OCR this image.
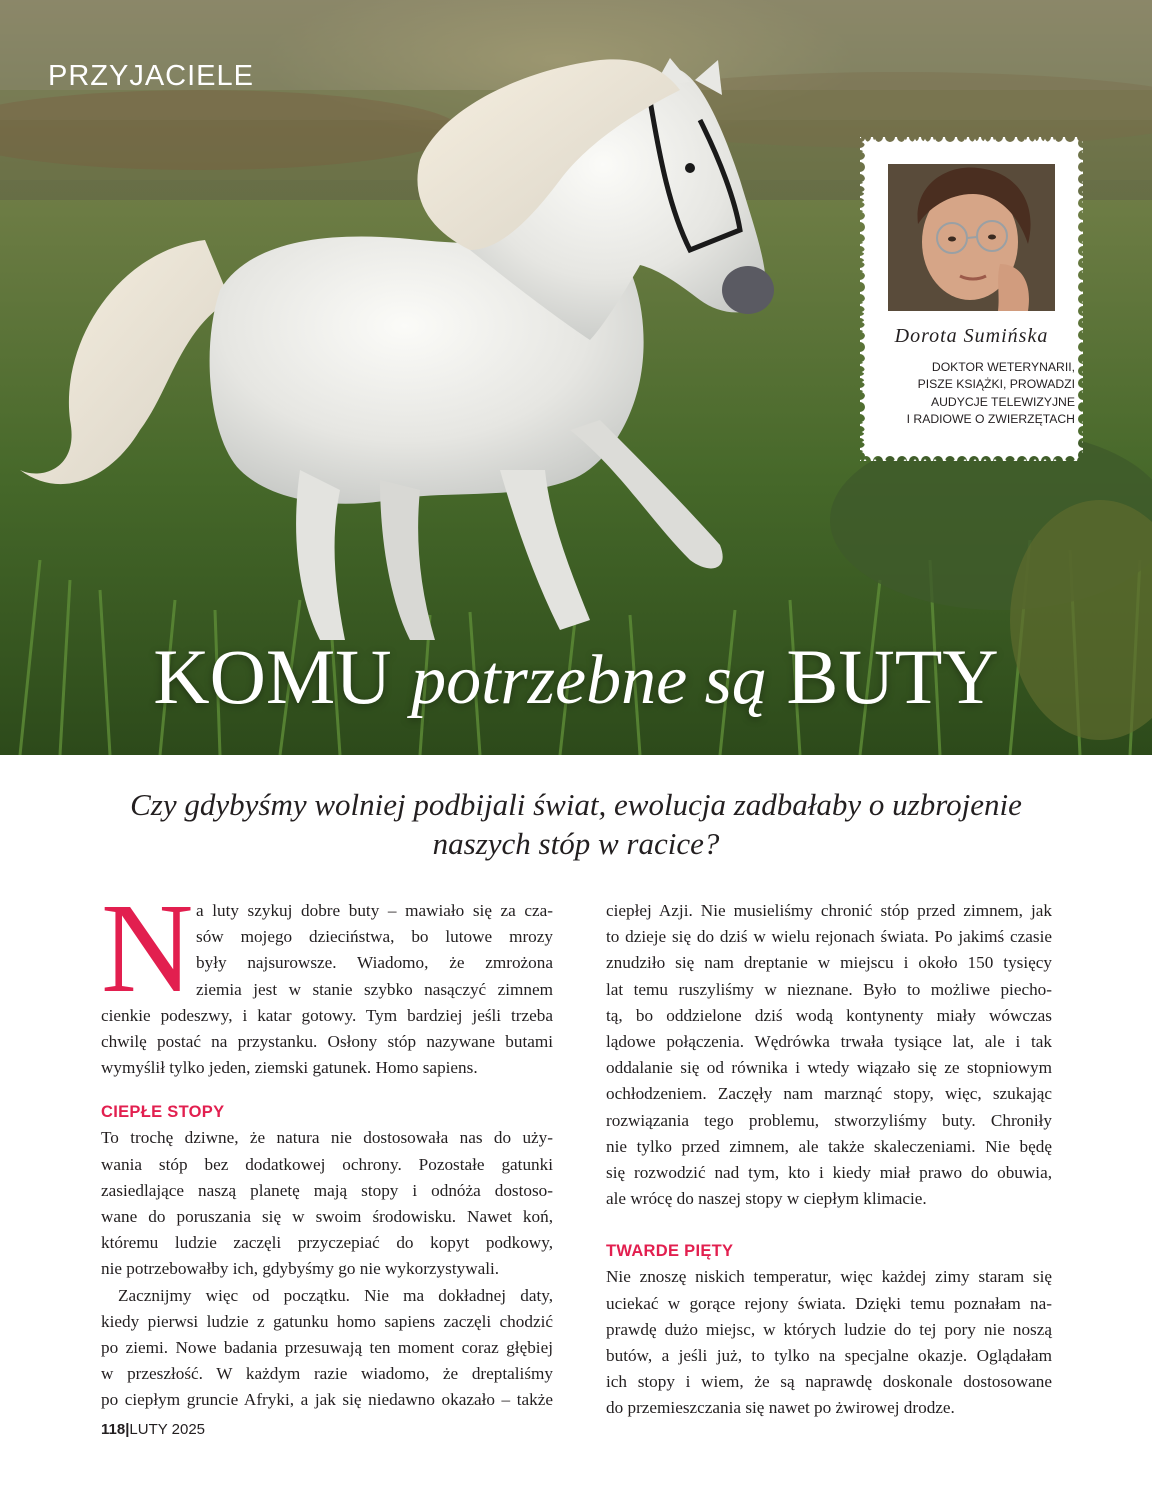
PRZYJACIELE
KOMU potrzebne są BUTY

Dorota Sumińska

DOKTOR WETERYNARII,
PISZE KSIĄŻKI, PROWADZI
AUDYCJE TELEWIZYJNE
I RADIOWE O ZWIERZĘTACH
Czy gdybyśmy wolniej podbijali świat, ewolucja zadbałaby o uzbrojenie
naszych stóp w racice?
N a luty szykuj dobre buty – mawiało się za cza-
sów mojego dzieciństwa, bo lutowe mrozy
były najsurowsze. Wiadomo, że zmrożona
ziemia jest w stanie szybko nasączyć zimnem
cienkie podeszwy, i katar gotowy. Tym bardziej jeśli trzeba
chwilę postać na przystanku. Osłony stóp nazywane butami
wymyślił tylko jeden, ziemski gatunek. Homo sapiens.

CIEPŁE STOPY

To trochę dziwne, że natura nie dostosowała nas do uży-
wania stóp bez dodatkowej ochrony. Pozostałe gatunki
zasiedlające naszą planetę mają stopy i odnóża dostoso-
wane do poruszania się w swoim środowisku. Nawet koń,
któremu ludzie zaczęli przyczepiać do kopyt podkowy,
nie potrzebowałby ich, gdybyśmy go nie wykorzystywali.

Zacznijmy więc od początku. Nie ma dokładnej daty,
kiedy pierwsi ludzie z gatunku homo sapiens zaczęli chodzić
po ziemi. Nowe badania przesuwają ten moment coraz głębiej
w przeszłość. W każdym razie wiadomo, że dreptaliśmy
po ciepłym gruncie Afryki, a jak się niedawno okazało – także

ciepłej Azji. Nie musieliśmy chronić stóp przed zimnem, jak
to dzieje się do dziś w wielu rejonach świata. Po jakimś czasie
znudziło się nam dreptanie w miejscu i około 150 tysięcy
lat temu ruszyliśmy w nieznane. Było to możliwe piecho-
tą, bo oddzielone dziś wodą kontynenty miały wówczas
lądowe połączenia. Wędrówka trwała tysiące lat, ale i tak
oddalanie się od równika i wtedy wiązało się ze stopniowym
ochłodzeniem. Zaczęły nam marznąć stopy, więc, szukając
rozwiązania tego problemu, stworzyliśmy buty. Chroniły
nie tylko przed zimnem, ale także skaleczeniami. Nie będę
się rozwodzić nad tym, kto i kiedy miał prawo do obuwia,
ale wrócę do naszej stopy w ciepłym klimacie.

TWARDE PIĘTY

Nie znoszę niskich temperatur, więc każdej zimy staram się
uciekać w gorące rejony świata. Dzięki temu poznałam na-
prawdę dużo miejsc, w których ludzie do tej pory nie noszą
butów, a jeśli już, to tylko na specjalne okazje. Oglądałam
ich stopy i wiem, że są naprawdę doskonale dostosowane
do przemieszczania się nawet po żwirowej drodze.

118|LUTY 2025
